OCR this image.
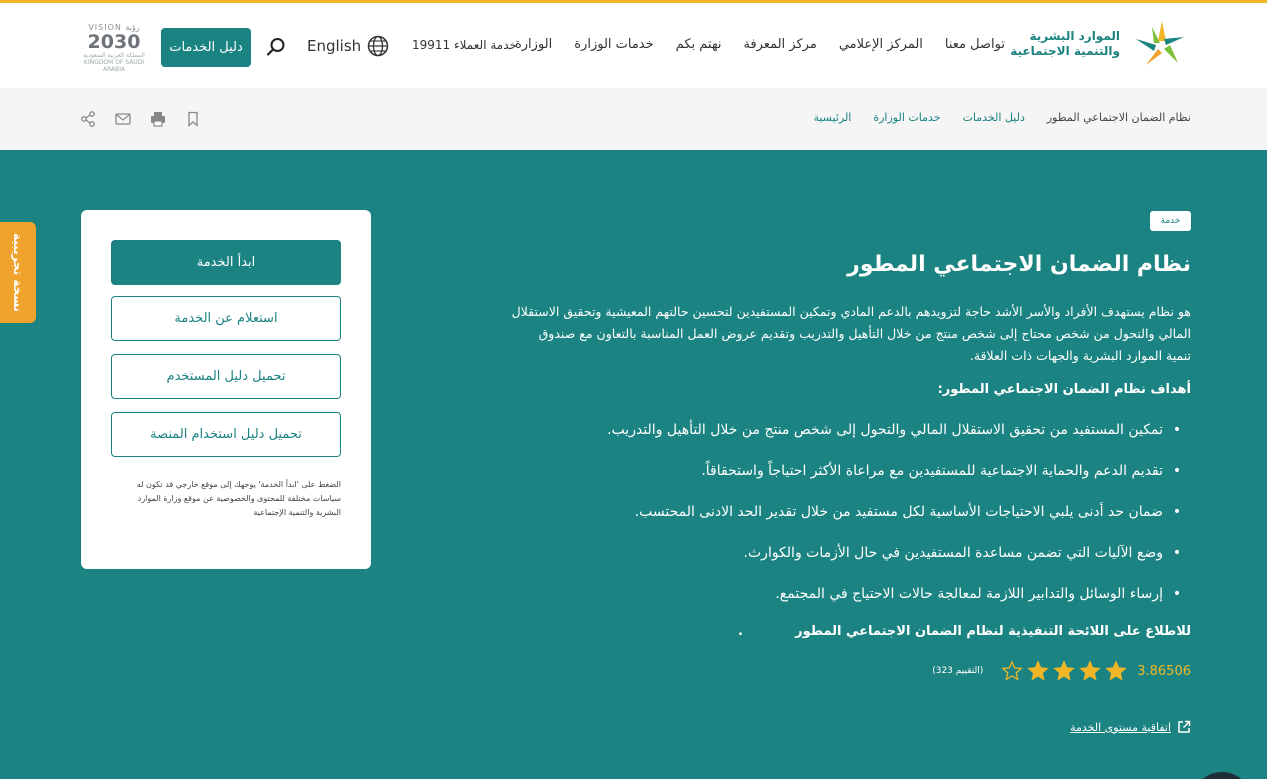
الموارد البشرية
والتنمية الاجتماعية
الوزارة خدمات الوزارة نهتم بكم مركز المعرفة المركز الإعلامي تواصل معنا
خدمة العملاء 19911
English
دليل الخدمات
VISION رؤية
2030
المملكة العربية السعودية KINGDOM OF SAUDI ARABIA
الرئيسية خدمات الوزارة دليل الخدمات نظام الضمان الاجتماعي المطور
نسخة تجريبية	ابدأ الخدمة
استعلام عن الخدمة
تحميل دليل المستخدم
تحميل دليل استخدام المنصة
الضغط على 'ابدأ الخدمة' يوجهك إلى موقع خارجي قد تكون له سياسات مختلفة للمحتوى والخصوصية عن موقع وزارة الموارد البشرية والتنمية الإجتماعية
خدمة
نظام الضمان الاجتماعي المطور

هو نظام يستهدف الأفراد والأسر الأشد حاجة لتزويدهم بالدعم المادي وتمكين المستفيدين لتحسين حالتهم المعيشية وتحقيق الاستقلال المالي والتحول من شخص محتاج إلى شخص منتج من خلال التأهيل والتدريب وتقديم عروض العمل المناسبة بالتعاون مع صندوق تنمية الموارد البشرية والجهات ذات العلاقة.

أهداف نظام الضمان الاجتماعي المطور:
• تمكين المستفيد من تحقيق الاستقلال المالي والتحول إلى شخص منتج من خلال التأهيل والتدريب.
• تقديم الدعم والحماية الاجتماعية للمستفيدين مع مراعاة الأكثر احتياجاً واستحقاقاً.
• ضمان حد أدنى يلبي الاحتياجات الأساسية لكل مستفيد من خلال تقدير الحد الادنى المحتسب.
• وضع الآليات التي تضمن مساعدة المستفيدين في حال الأزمات والكوارث.
• إرساء الوسائل والتدابير اللازمة لمعالجة حالات الاحتياج في المجتمع.
للاطلاع على اللائحة التنفيذية لنظام الضمان الاجتماعي المطور
.
3.86506
(التقييم 323)
اتفاقية مستوى الخدمة
